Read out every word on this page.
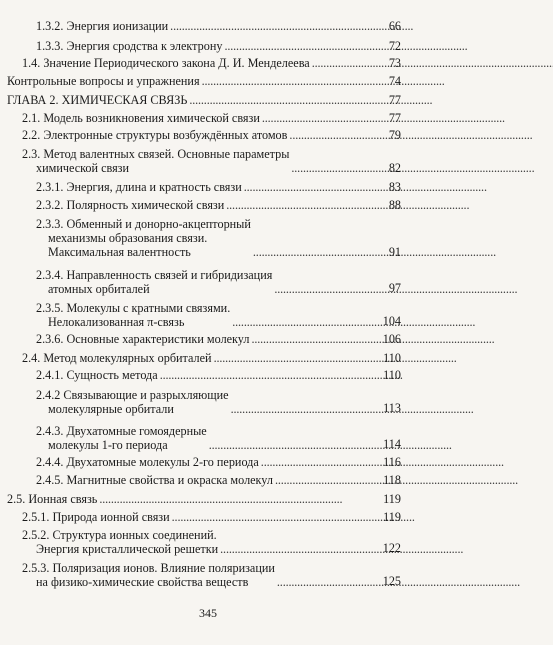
1.3.2. Энергия ионизации . . .	66
1.3.3. Энергия сродства к электрону . . .	72
1.4. Значение Периодического закона Д. И. Менделеева . . .	73
Контрольные вопросы и упражнения . . .	74
ГЛАВА 2. ХИМИЧЕСКАЯ СВЯЗЬ . . .	77
2.1. Модель возникновения химической связи . . .	77
2.2. Электронные структуры возбуждённых атомов . . .	79
2.3. Метод валентных связей. Основные параметры
химической связи . . .	82
2.3.1. Энергия, длина и кратность связи . . .	83
2.3.2. Полярность химической связи . . .	88
2.3.3. Обменный и донорно-акцепторный
механизмы образования связи.
Максимальная валентность . . .	91
2.3.4. Направленность связей и гибридизация
атомных орбиталей . . .	97
2.3.5. Молекулы с кратными связями.
Нелокализованная π-связь . . .	104
2.3.6. Основные характеристики молекул . . .	106
2.4. Метод молекулярных орбиталей . . .	110
2.4.1. Сущность метода . . .	110
2.4.2 Связывающие и разрыхляющие
молекулярные орбитали . . .	113
2.4.3. Двухатомные гомоядерные
молекулы 1-го периода . . .	114
2.4.4. Двухатомные молекулы 2-го периода . . .	116
2.4.5. Магнитные свойства и окраска молекул . . .	118
2.5. Ионная связь . . .	119
2.5.1. Природа ионной связи . . .	119
2.5.2. Структура ионных соединений.
Энергия кристаллической решетки . . .	122
2.5.3. Поляризация ионов. Влияние поляризации
на физико-химические свойства веществ . . .	125
345
